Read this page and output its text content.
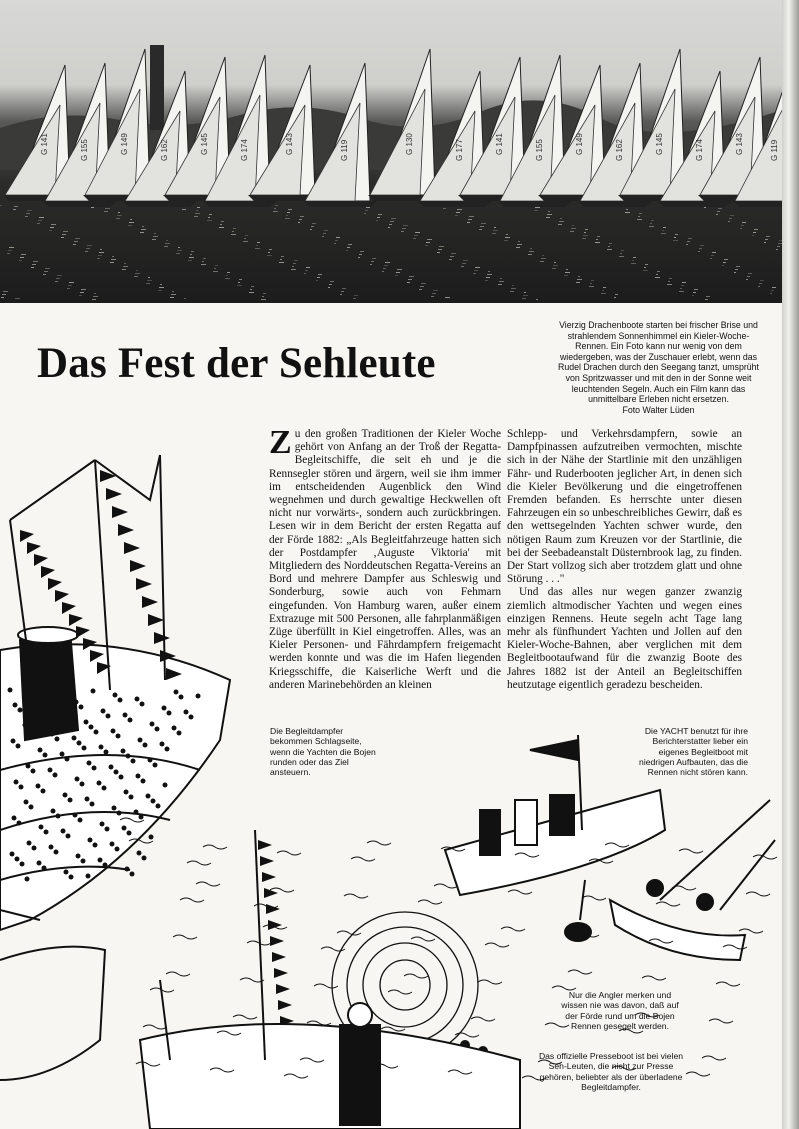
G 141	G 155	G 149	G 162	G 145	G 174	G 143	G 119	G 130	G 177	G 141	G 155	G 149	G 162	G 145	G 174	G 143	G 119
Vierzig Drachenboote starten bei frischer Brise und strahlendem Sonnenhimmel ein Kieler-Woche-Rennen. Ein Foto kann nur wenig von dem wiedergeben, was der Zuschauer erlebt, wenn das Rudel Drachen durch den Seegang tanzt, umsprüht von Spritzwasser und mit den in der Sonne weit leuchtenden Segeln. Auch ein Film kann das unmittelbare Erleben nicht ersetzen.
Foto Walter Lüden
Das Fest der Sehleute
Zu den großen Traditionen der Kieler Woche gehört von Anfang an der Troß der Regatta-Begleitschiffe, die seit eh und je die Rennsegler stören und ärgern, weil sie ihm immer im entscheidenden Augenblick den Wind wegnehmen und durch gewaltige Heckwellen oft nicht nur vorwärts-, sondern auch zurückbringen. Lesen wir in dem Bericht der ersten Regatta auf der Förde 1882: „Als Begleitfahrzeuge hatten sich der Postdampfer ‚Auguste Viktoria' mit Mitgliedern des Norddeutschen Regatta-Vereins an Bord und mehrere Dampfer aus Schleswig und Sonderburg, sowie auch von Fehmarn eingefunden. Von Hamburg waren, außer einem Extrazuge mit 500 Personen, alle fahrplanmäßigen Züge überfüllt in Kiel eingetroffen. Alles, was an Kieler Personen- und Fährdampfern freigemacht werden konnte und was die im Hafen liegenden Kriegsschiffe, die Kaiserliche Werft und die anderen Marinebehörden an kleinen
Schlepp- und Verkehrsdampfern, sowie an Dampfpinassen aufzutreiben vermochten, mischte sich in der Nähe der Startlinie mit den unzähligen Fähr- und Ruderbooten jeglicher Art, in denen sich die Kieler Bevölkerung und die eingetroffenen Fremden befanden. Es herrschte unter diesen Fahrzeugen ein so unbeschreibliches Gewirr, daß es den wettsegelnden Yachten schwer wurde, den nötigen Raum zum Kreuzen vor der Startlinie, die bei der Seebadeanstalt Düsternbrook lag, zu finden. Der Start vollzog sich aber trotzdem glatt und ohne Störung . . ."
Und das alles nur wegen ganzer zwanzig ziemlich altmodischer Yachten und wegen eines einzigen Rennens. Heute segeln acht Tage lang mehr als fünfhundert Yachten und Jollen auf den Kieler-Woche-Bahnen, aber verglichen mit dem Begleitbootaufwand für die zwanzig Boote des Jahres 1882 ist der Anteil an Begleitschiffen heutzutage eigentlich geradezu bescheiden.
Die Begleitdampfer bekommen Schlagseite, wenn die Yachten die Bojen runden oder das Ziel ansteuern.
Die YACHT benutzt für ihre Berichterstatter lieber ein eigenes Begleitboot mit niedrigen Aufbauten, das die Rennen nicht stören kann.
Nur die Angler merken und wissen nie was davon, daß auf der Förde rund um die Bojen Rennen gesegelt werden.
Das offizielle Presseboot ist bei vielen Seh-Leuten, die nicht zur Presse gehören, beliebter als der überladene Begleitdampfer.
